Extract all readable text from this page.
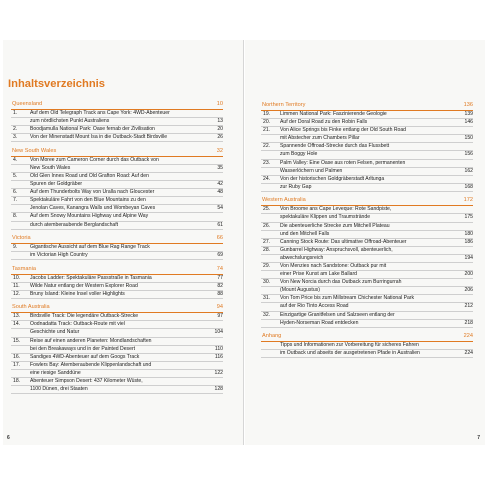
Inhaltsverzeichnis
Queensland	10
1.	Auf dem Old Telegraph Track ans Cape York: 4WD-Abenteuer
zum nördlichsten Punkt Australiens	13
2.	Boodjamulla National Park: Oase fernab der Zivilisation	20
3.	Von der Minenstadt Mount Isa in die Outback-Stadt Birdsville	26
New South Wales	32
4.	Von Moree zum Cameron Corner durch das Outback von
New South Wales	35
5.	Old Glen Innes Road und Old Grafton Road: Auf den
Spuren der Goldgräber	42
6.	Auf dem Thunderbolts Way von Uralla nach Gloucester	48
7.	Spektakuläre Fahrt von den Blue Mountains zu den
Jenolan Caves, Kanangra Walls und Wombeyan Caves	54
8.	Auf dem Snowy Mountains Highway und Alpine Way
durch atemberaubende Berglandschaft	61
Victoria	66
9.	Gigantische Aussicht auf dem Blue Rag Range Track
im Victorian High Country	69
Tasmania	74
10. Jacobs Ladder: Spektakuläre Passstraße in Tasmania	77
11. Wilde Natur entlang der Western Explorer Road	82
12. Bruny Island: Kleine Insel voller Highlights	88
South Australia	94
13. Birdsville Track: Die legendäre Outback-Strecke	97
14. Oodnadatta Track: Outback-Route mit viel
Geschichte und Natur	104
15. Reise auf einen anderen Planeten: Mondlandschaften
bei den Breakaways und in der Painted Desert	110
16. Sandiges 4WD-Abenteuer auf dem Googs Track	116
17. Fowlers Bay: Atemberaubende Klippenlandschaft und
eine riesige Sanddüne	122
18. Abenteuer Simpson Desert: 437 Kilometer Wüste,
1100 Dünen, drei Staaten	128
6
Northern Territory	136
19. Limmen National Park: Faszinierende Geologie	139
20. Auf der Doral Road zu den Robin Falls	146
21. Von Alice Springs bis Finke entlang der Old South Road
mit Abstecher zum Chambers Pillar	150
22. Spannende Offroad-Strecke durch das Flussbett
zum Boggy Hole	156
23. Palm Valley: Eine Oase aus roten Felsen, permanenten
Wasserlöchern und Palmen	162
24. Von der historischen Goldgräberstadt Arltunga
zur Ruby Gap	168
Western Australia	172
25. Von Broome ans Cape Leveque: Rote Sandpiste,
spektakuläre Klippen und Traumstrände	175
26. Die abenteuerliche Strecke zum Mitchell Plateau
und den Mitchell Falls	180
27. Canning Stock Route: Das ultimative Offroad-Abenteuer	186
28. Gunbarrel Highway: Anspruchsvoll, abenteuerlich,
abwechslungsreich	194
29. Von Menzies nach Sandstone: Outback pur mit
einer Prise Kunst am Lake Ballard	200
30. Von New Norcia durch das Outback zum Burringurrah
(Mount Augustus)	206
31. Von Tom Price bis zum Millstream Chichester National Park
auf der Rio Tinto Access Road	212
32. Einzigartige Granitfelsen und Salzseen entlang der
Hyden-Norseman Road entdecken	218
Anhang	224
Tipps und Informationen zur Vorbereitung für sicheres Fahren
im Outback und abseits der ausgetretenen Pfade in Australien	224
7
